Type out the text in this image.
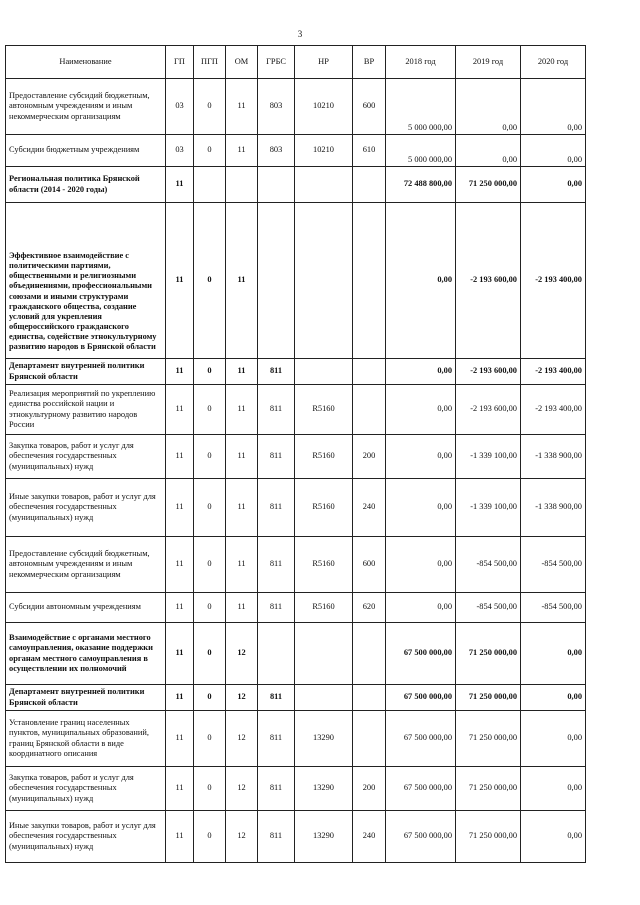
3
Наименование	ГП	ПГП	ОМ	ГРБС	НР	ВР	2018 год	2019 год	2020 год
Предоставление субсидий бюджетным, автономным учреждениям и иным некоммерческим организациям	03	0	11	803	10210	600	5 000 000,00	0,00	0,00
Субсидии бюджетным учреждениям	03	0	11	803	10210	610	5 000 000,00	0,00	0,00
Региональная политика Брянской области (2014 - 2020 годы)	11						72 488 800,00	71 250 000,00	0,00
Эффективное взаимодействие с политическими партиями, общественными и религиозными объединениями, профессиональными союзами и иными структурами гражданского общества, создание условий для укрепления общероссийского гражданского единства, содействие этнокультурному развитию народов в Брянской области	11	0	11				0,00	-2 193 600,00	-2 193 400,00
Департамент внутренней политики Брянской области	11	0	11	811			0,00	-2 193 600,00	-2 193 400,00
Реализация мероприятий по укреплению единства российской нации и этнокультурному развитию народов России	11	0	11	811	R5160		0,00	-2 193 600,00	-2 193 400,00
Закупка товаров, работ и услуг для обеспечения государственных (муниципальных) нужд	11	0	11	811	R5160	200	0,00	-1 339 100,00	-1 338 900,00
Иные закупки товаров, работ и услуг для обеспечения государственных (муниципальных) нужд	11	0	11	811	R5160	240	0,00	-1 339 100,00	-1 338 900,00
Предоставление субсидий бюджетным, автономным учреждениям и иным некоммерческим организациям	11	0	11	811	R5160	600	0,00	-854 500,00	-854 500,00
Субсидии автономным учреждениям	11	0	11	811	R5160	620	0,00	-854 500,00	-854 500,00
Взаимодействие с органами местного самоуправления, оказание поддержки органам местного самоуправления в осуществлении их полномочий	11	0	12				67 500 000,00	71 250 000,00	0,00
Департамент внутренней политики Брянской области	11	0	12	811			67 500 000,00	71 250 000,00	0,00
Установление границ населенных пунктов, муниципальных образований, границ Брянской области в виде координатного описания	11	0	12	811	13290		67 500 000,00	71 250 000,00	0,00
Закупка товаров, работ и услуг для обеспечения государственных (муниципальных) нужд	11	0	12	811	13290	200	67 500 000,00	71 250 000,00	0,00
Иные закупки товаров, работ и услуг для обеспечения государственных (муниципальных) нужд	11	0	12	811	13290	240	67 500 000,00	71 250 000,00	0,00
